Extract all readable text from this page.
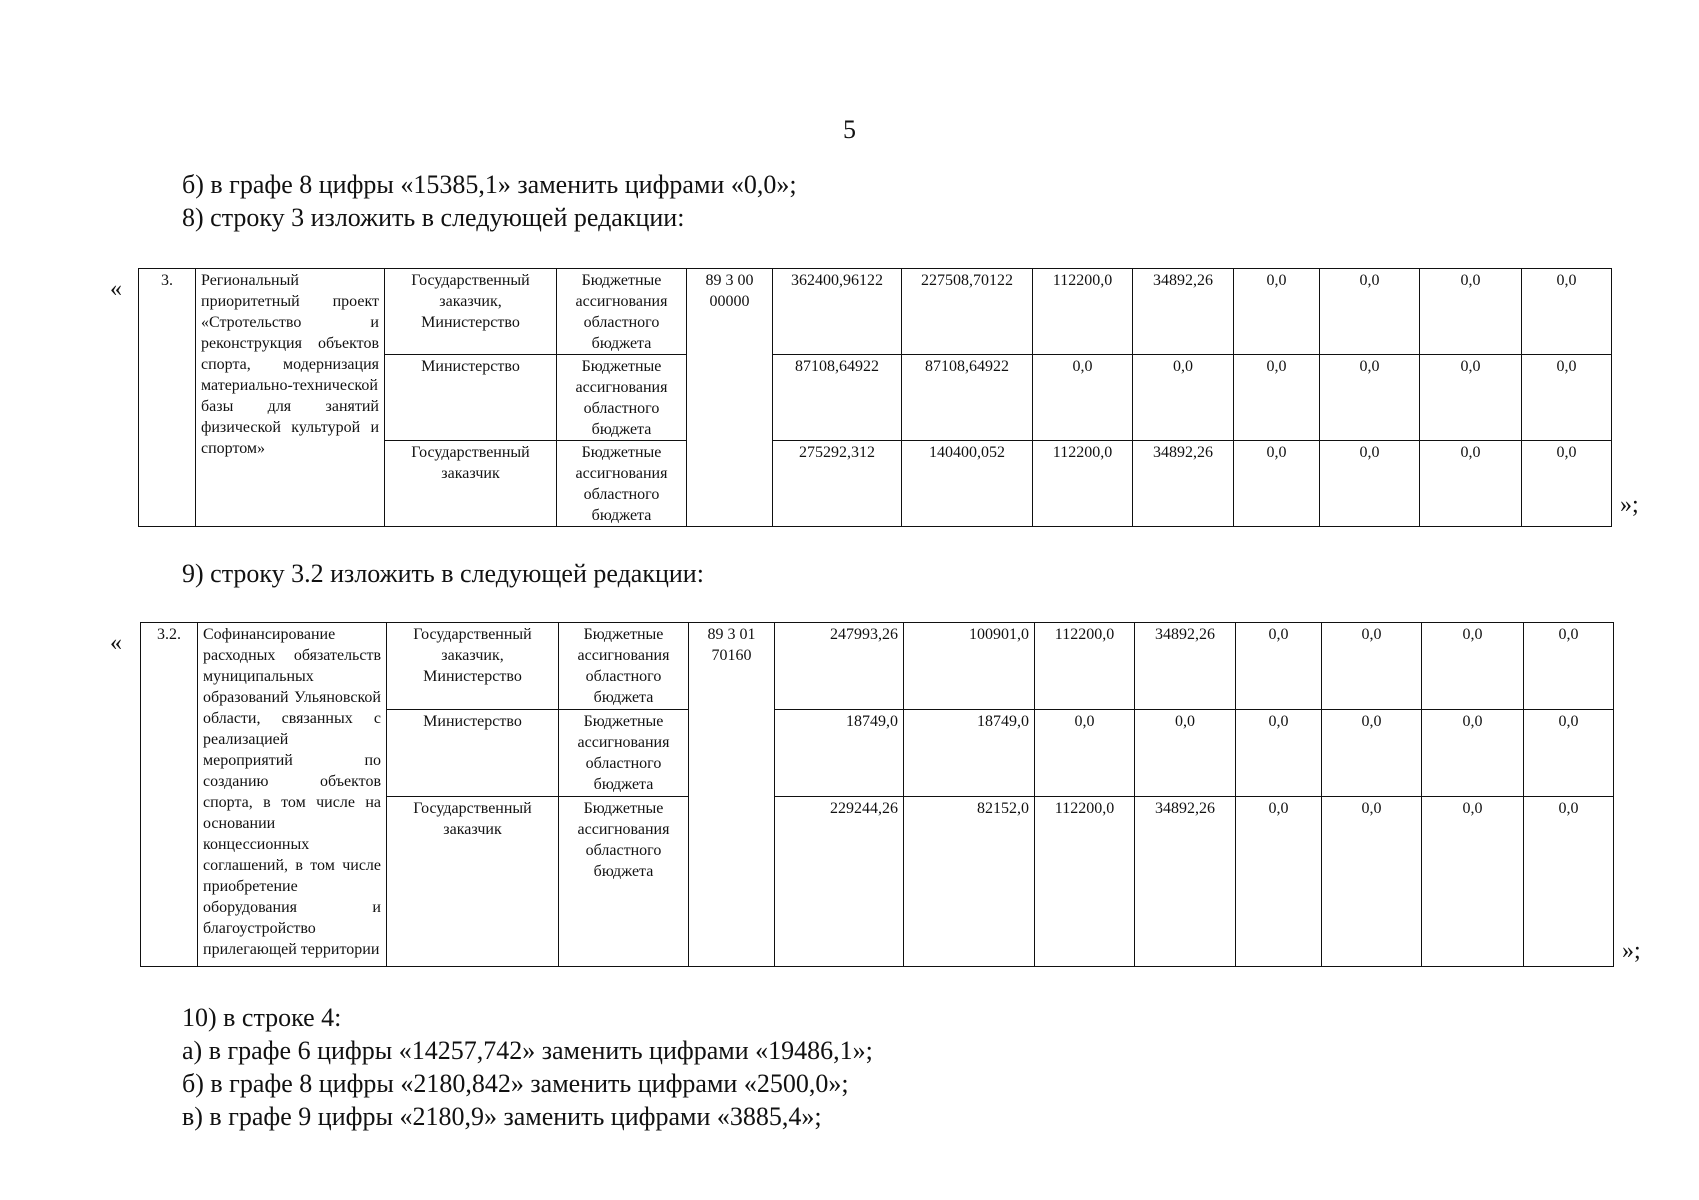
5
б) в графе 8 цифры «15385,1» заменить цифрами «0,0»;
8) строку 3 изложить в следующей редакции:
« 3.	Региональный приоритетный проект «Стротельство и реконструкция объектов спорта, модернизация материально-технической базы для занятий физической культурой и спортом»	Государственный заказчик, Министерство	Бюджетные ассигнования областного бюджета	89 3 00 00000	362400,96122	227508,70122	112200,0	34892,26	0,0	0,0	0,0	0,0
		Министерство	Бюджетные ассигнования областного бюджета		87108,64922	87108,64922	0,0	0,0	0,0	0,0	0,0	0,0
		Государственный заказчик	Бюджетные ассигнования областного бюджета		275292,312	140400,052	112200,0	34892,26	0,0	0,0	0,0	0,0
»;
9) строку 3.2 изложить в следующей редакции:
« 3.2.	Софинансирование расходных обязательств муниципальных образований Ульяновской области, связанных с реализацией мероприятий по созданию объектов спорта, в том числе на основании концессионных соглашений, в том числе приобретение оборудования и благоустройство прилегающей территории	Государственный заказчик, Министерство	Бюджетные ассигнования областного бюджета	89 3 01 70160	247993,26	100901,0	112200,0	34892,26	0,0	0,0	0,0	0,0
		Министерство	Бюджетные ассигнования областного бюджета		18749,0	18749,0	0,0	0,0	0,0	0,0	0,0	0,0
		Государственный заказчик	Бюджетные ассигнования областного бюджета		229244,26	82152,0	112200,0	34892,26	0,0	0,0	0,0	0,0
»;
10) в строке 4:
а) в графе 6 цифры «14257,742» заменить цифрами «19486,1»;
б) в графе 8 цифры «2180,842» заменить цифрами «2500,0»;
в) в графе 9 цифры «2180,9» заменить цифрами «3885,4»;
